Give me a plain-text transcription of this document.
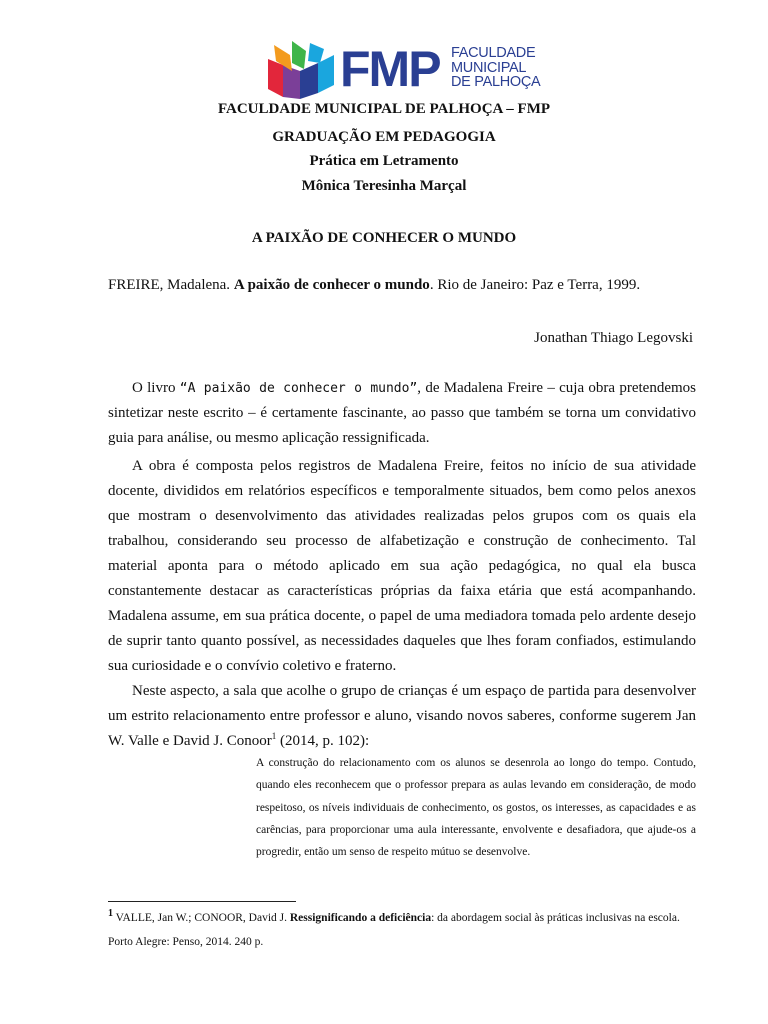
FMP FACULDADE
MUNICIPAL
DE PALHOÇA
FACULDADE MUNICIPAL DE PALHOÇA – FMP
GRADUAÇÃO EM PEDAGOGIA
Prática em Letramento
Mônica Teresinha Marçal
A PAIXÃO DE CONHECER O MUNDO
FREIRE, Madalena. A paixão de conhecer o mundo. Rio de Janeiro: Paz e Terra, 1999.
Jonathan Thiago Legovski

O livro “A paixão de conhecer o mundo”, de Madalena Freire – cuja obra pretendemos sintetizar neste escrito – é certamente fascinante, ao passo que também se torna um convidativo guia para análise, ou mesmo aplicação ressignificada.

A obra é composta pelos registros de Madalena Freire, feitos no início de sua atividade docente, divididos em relatórios específicos e temporalmente situados, bem como pelos anexos que mostram o desenvolvimento das atividades realizadas pelos grupos com os quais ela trabalhou, considerando seu processo de alfabetização e construção de conhecimento. Tal material aponta para o método aplicado em sua ação pedagógica, no qual ela busca constantemente destacar as características próprias da faixa etária que está acompanhando. Madalena assume, em sua prática docente, o papel de uma mediadora tomada pelo ardente desejo de suprir tanto quanto possível, as necessidades daqueles que lhes foram confiados, estimulando sua curiosidade e o convívio coletivo e fraterno.

Neste aspecto, a sala que acolhe o grupo de crianças é um espaço de partida para desenvolver um estrito relacionamento entre professor e aluno, visando novos saberes, conforme sugerem Jan W. Valle e David J. Conoor$^1$ (2014, p. 102):

A construção do relacionamento com os alunos se desenrola ao longo do tempo. Contudo, quando eles reconhecem que o professor prepara as aulas levando em consideração, de modo respeitoso, os níveis individuais de conhecimento, os gostos, os interesses, as capacidades e as carências, para proporcionar uma aula interessante, envolvente e desafiadora, que ajude-os a progredir, então um senso de respeito mútuo se desenvolve.
$^1$ VALLE, Jan W.; CONOOR, David J. Ressignificando a deficiência: da abordagem social às práticas inclusivas na escola. Porto Alegre: Penso, 2014. 240 p.
